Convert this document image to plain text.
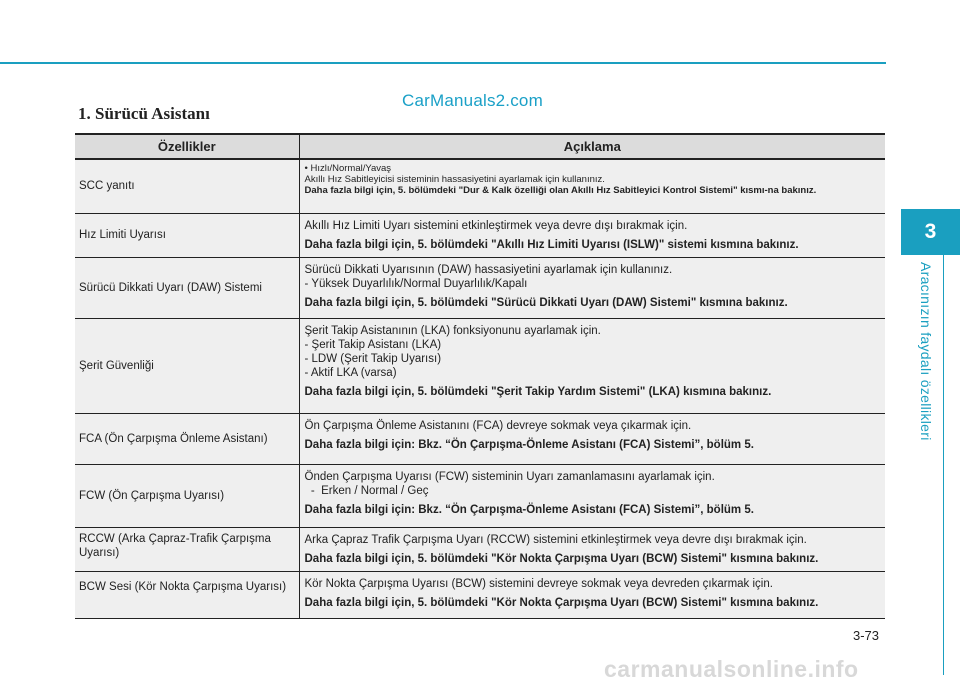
CarManuals2.com
1. Sürücü Asistanı
3
Aracınızın faydalı özellikleri
Özellikler	Açıklama
SCC yanıtı	• Hızlı/Normal/Yavaş
Akıllı Hız Sabitleyicisi sisteminin hassasiyetini ayarlamak için kullanınız.
Daha fazla bilgi için, 5. bölümdeki "Dur & Kalk özelliği olan Akıllı Hız Sabitleyici Kontrol Sistemi" kısmı-na bakınız.

Hız Limiti Uyarısı	Akıllı Hız Limiti Uyarı sistemini etkinleştirmek veya devre dışı bırakmak için.
Daha fazla bilgi için, 5. bölümdeki "Akıllı Hız Limiti Uyarısı (ISLW)" sistemi kısmına bakınız.

Sürücü Dikkati Uyarı (DAW) Sistemi	Sürücü Dikkati Uyarısının (DAW) hassasiyetini ayarlamak için kullanınız.
- Yüksek Duyarlılık/Normal Duyarlılık/Kapalı
Daha fazla bilgi için, 5. bölümdeki "Sürücü Dikkati Uyarı (DAW) Sistemi" kısmına bakınız.

Şerit Güvenliği	Şerit Takip Asistanının (LKA) fonksiyonunu ayarlamak için.
- Şerit Takip Asistanı (LKA)
- LDW (Şerit Takip Uyarısı)
- Aktif LKA (varsa)
Daha fazla bilgi için, 5. bölümdeki "Şerit Takip Yardım Sistemi" (LKA) kısmına bakınız.

FCA (Ön Çarpışma Önleme Asistanı)	Ön Çarpışma Önleme Asistanını (FCA) devreye sokmak veya çıkarmak için.
Daha fazla bilgi için: Bkz. “Ön Çarpışma-Önleme Asistanı (FCA) Sistemi”, bölüm 5.

FCW (Ön Çarpışma Uyarısı)	Önden Çarpışma Uyarısı (FCW) sisteminin Uyarı zamanlamasını ayarlamak için.
-  Erken / Normal / Geç
Daha fazla bilgi için: Bkz. “Ön Çarpışma-Önleme Asistanı (FCA) Sistemi”, bölüm 5.

RCCW (Arka Çapraz-Trafik Çarpışma Uyarısı)	Arka Çapraz Trafik Çarpışma Uyarı (RCCW) sistemini etkinleştirmek veya devre dışı bırakmak için.
Daha fazla bilgi için, 5. bölümdeki "Kör Nokta Çarpışma Uyarı (BCW) Sistemi" kısmına bakınız.

BCW Sesi (Kör Nokta Çarpışma Uyarısı)	Kör Nokta Çarpışma Uyarısı (BCW) sistemini devreye sokmak veya devreden çıkarmak için.
Daha fazla bilgi için, 5. bölümdeki "Kör Nokta Çarpışma Uyarı (BCW) Sistemi" kısmına bakınız.
3-73
carmanualsonline.info
